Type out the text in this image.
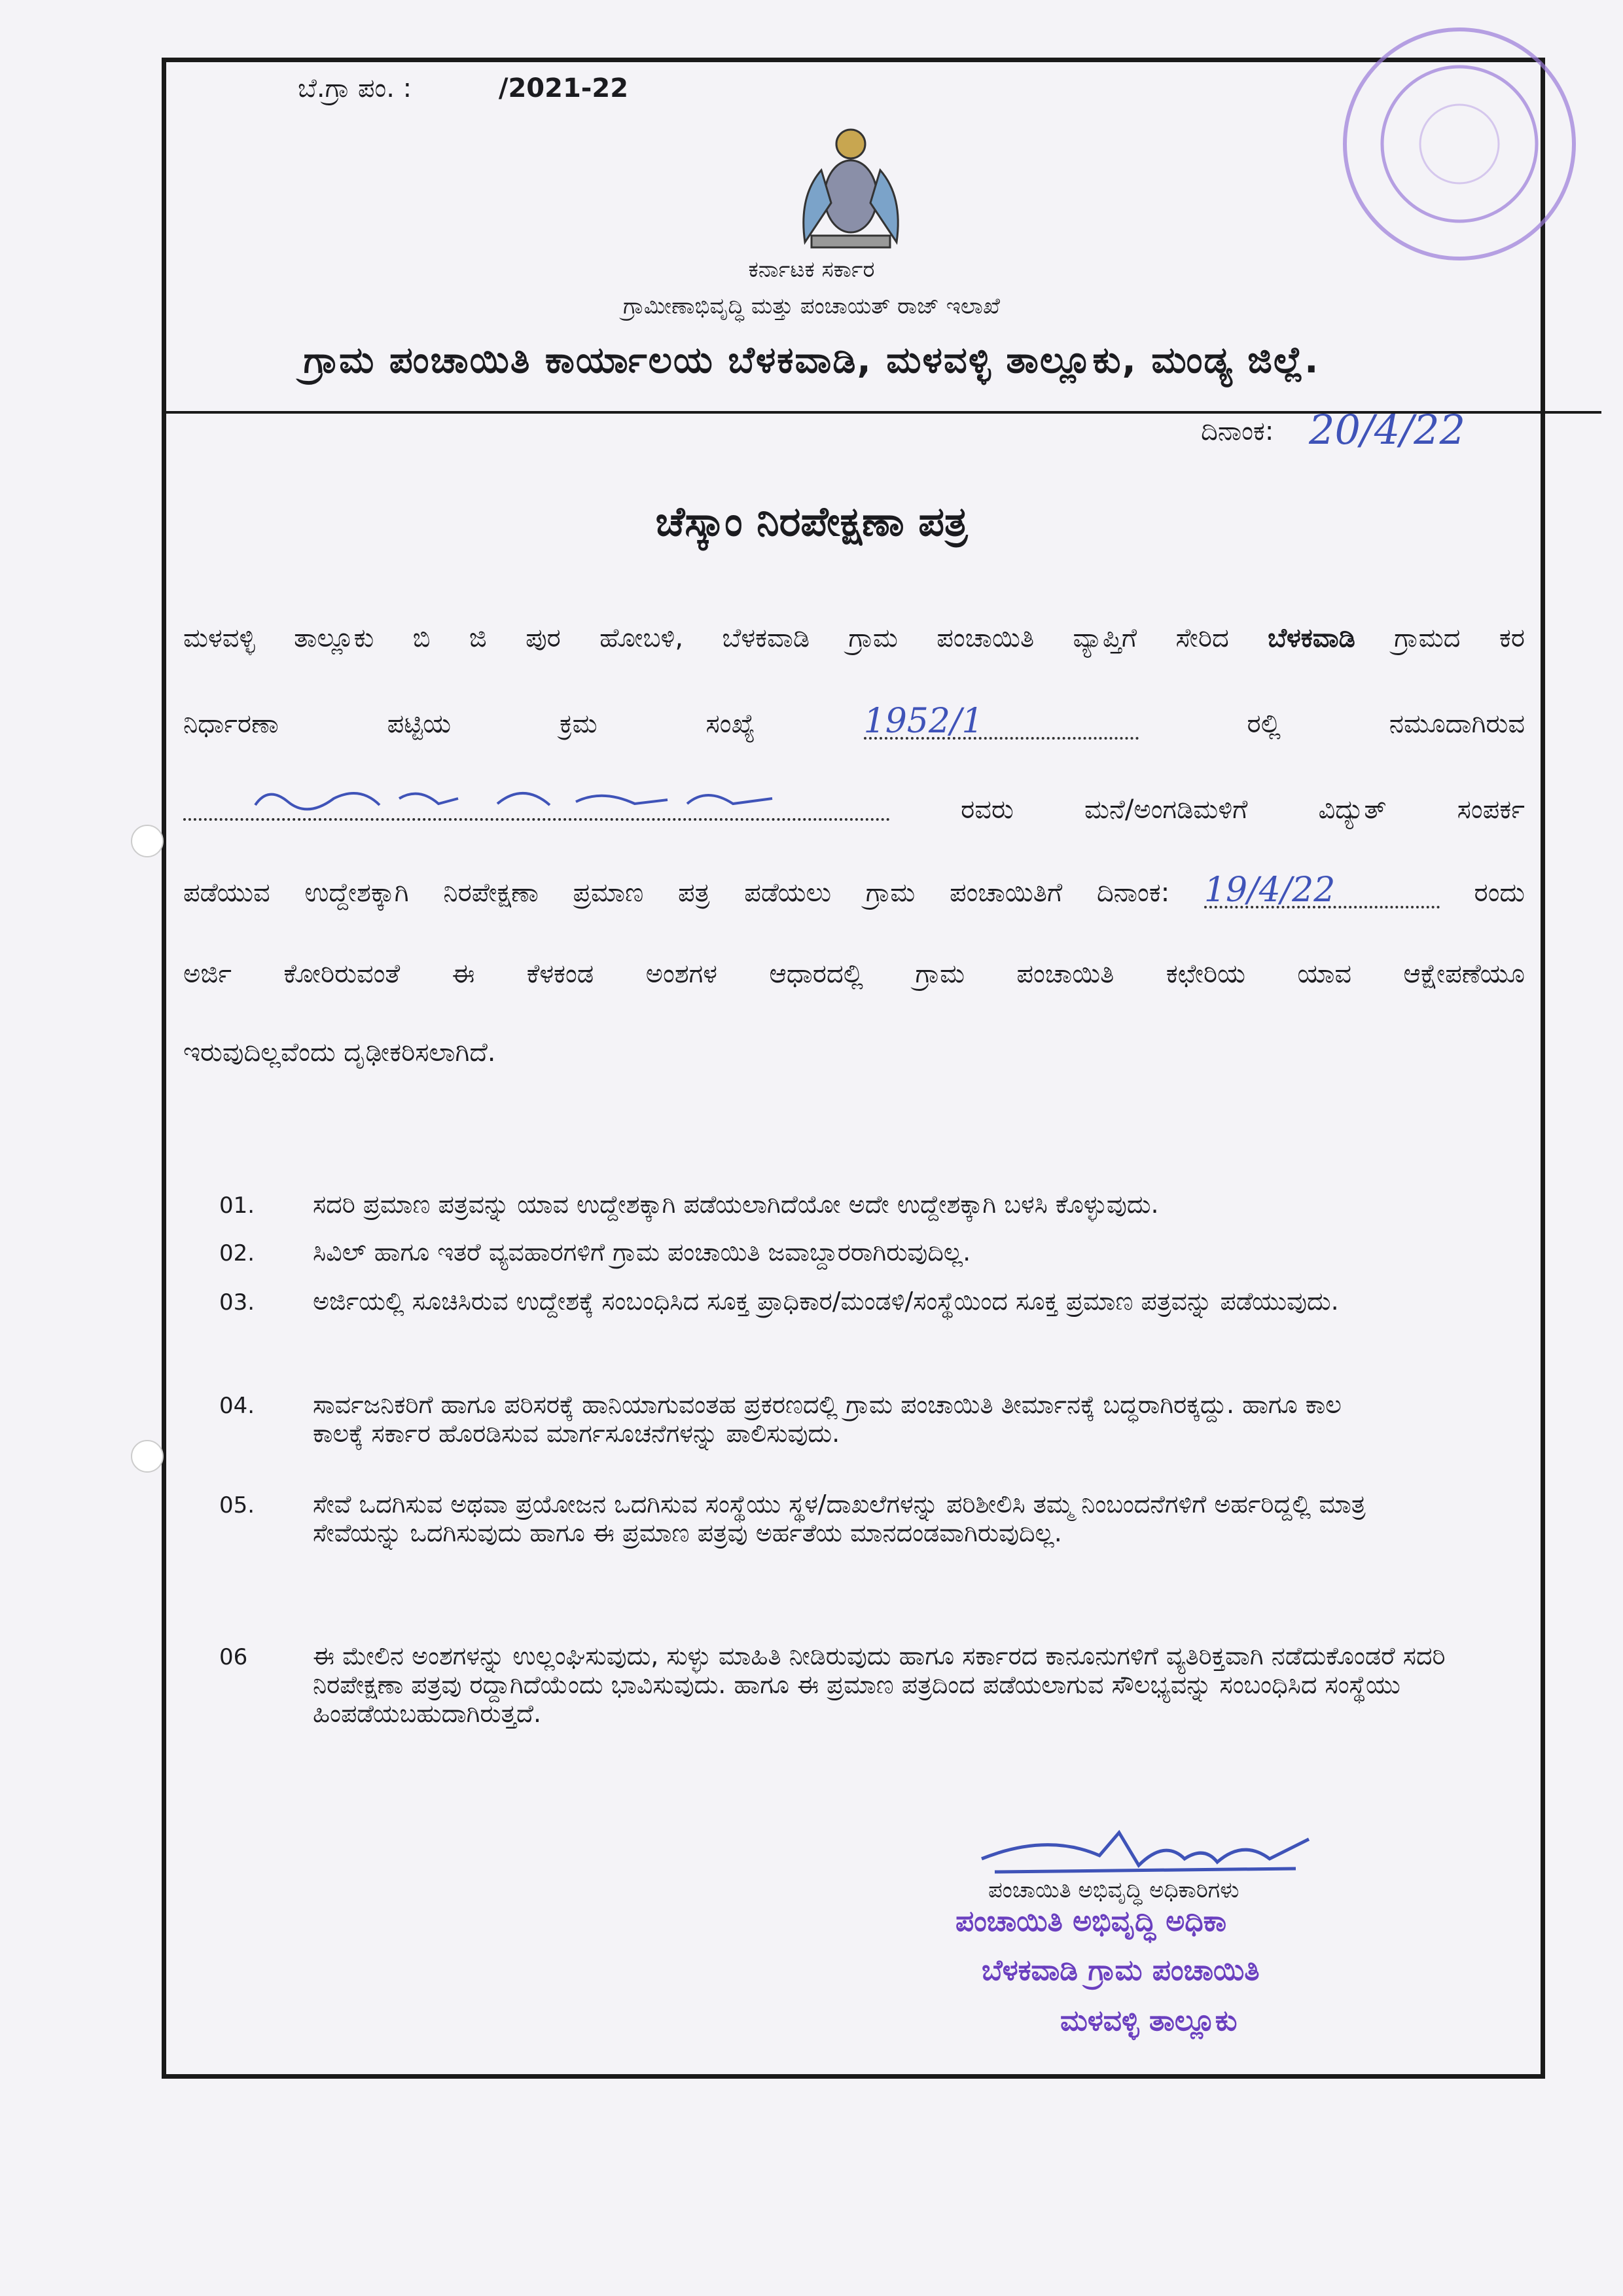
ಬೆ.ಗ್ರಾ ಪಂ. :	/2021-22
ಕರ್ನಾಟಕ ಸರ್ಕಾರ
ಗ್ರಾಮೀಣಾಭಿವೃದ್ಧಿ ಮತ್ತು ಪಂಚಾಯತ್ ರಾಜ್ ಇಲಾಖೆ
ಗ್ರಾಮ ಪಂಚಾಯಿತಿ ಕಾರ್ಯಾಲಯ ಬೆಳಕವಾಡಿ, ಮಳವಳ್ಳಿ ತಾಲ್ಲೂಕು, ಮಂಡ್ಯ ಜಿಲ್ಲೆ.
ದಿನಾಂಕ: 20/4/22
ಚೆಸ್ಕಾಂ ನಿರಪೇಕ್ಷಣಾ ಪತ್ರ
ಮಳವಳ್ಳಿ ತಾಲ್ಲೂಕು ಬಿ ಜಿ ಪುರ ಹೋಬಳಿ, ಬೆಳಕವಾಡಿ ಗ್ರಾಮ ಪಂಚಾಯಿತಿ ವ್ಯಾಪ್ತಿಗೆ ಸೇರಿದ ಬೆಳಕವಾಡಿ ಗ್ರಾಮದ ಕರ
ನಿರ್ಧಾರಣಾ ಪಟ್ಟಿಯ ಕ್ರಮ ಸಂಖ್ಯೆ	1952/1	ರಲ್ಲಿ ನಮೂದಾಗಿರುವ
ರವರು ಮನೆ/ಅಂಗಡಿಮಳಿಗೆ ವಿದ್ಯುತ್ ಸಂಪರ್ಕ
ಪಡೆಯುವ ಉದ್ದೇಶಕ್ಕಾಗಿ ನಿರಪೇಕ್ಷಣಾ ಪ್ರಮಾಣ ಪತ್ರ ಪಡೆಯಲು ಗ್ರಾಮ ಪಂಚಾಯಿತಿಗೆ ದಿನಾಂಕ: 19/4/22	ರಂದು
ಅರ್ಜಿ ಕೋರಿರುವಂತೆ ಈ ಕೆಳಕಂಡ ಅಂಶಗಳ ಆಧಾರದಲ್ಲಿ ಗ್ರಾಮ ಪಂಚಾಯಿತಿ ಕಛೇರಿಯ ಯಾವ ಆಕ್ಷೇಪಣೆಯೂ
ಇರುವುದಿಲ್ಲವೆಂದು ದೃಢೀಕರಿಸಲಾಗಿದೆ.
01. ಸದರಿ ಪ್ರಮಾಣ ಪತ್ರವನ್ನು ಯಾವ ಉದ್ದೇಶಕ್ಕಾಗಿ ಪಡೆಯಲಾಗಿದೆಯೋ ಅದೇ ಉದ್ದೇಶಕ್ಕಾಗಿ ಬಳಸಿ ಕೊಳ್ಳುವುದು.
02. ಸಿವಿಲ್ ಹಾಗೂ ಇತರೆ ವ್ಯವಹಾರಗಳಿಗೆ ಗ್ರಾಮ ಪಂಚಾಯಿತಿ ಜವಾಬ್ದಾರರಾಗಿರುವುದಿಲ್ಲ.
03. ಅರ್ಜಿಯಲ್ಲಿ ಸೂಚಿಸಿರುವ ಉದ್ದೇಶಕ್ಕೆ ಸಂಬಂಧಿಸಿದ ಸೂಕ್ತ ಪ್ರಾಧಿಕಾರ/ಮಂಡಳಿ/ಸಂಸ್ಥೆಯಿಂದ ಸೂಕ್ತ ಪ್ರಮಾಣ ಪತ್ರವನ್ನು ಪಡೆಯುವುದು.
04. ಸಾರ್ವಜನಿಕರಿಗೆ ಹಾಗೂ ಪರಿಸರಕ್ಕೆ ಹಾನಿಯಾಗುವಂತಹ ಪ್ರಕರಣದಲ್ಲಿ ಗ್ರಾಮ ಪಂಚಾಯಿತಿ ತೀರ್ಮಾನಕ್ಕೆ ಬದ್ಧರಾಗಿರಕ್ಕದ್ದು. ಹಾಗೂ ಕಾಲ ಕಾಲಕ್ಕೆ ಸರ್ಕಾರ ಹೊರಡಿಸುವ ಮಾರ್ಗಸೂಚನೆಗಳನ್ನು ಪಾಲಿಸುವುದು.
05. ಸೇವೆ ಒದಗಿಸುವ ಅಥವಾ ಪ್ರಯೋಜನ ಒದಗಿಸುವ ಸಂಸ್ಥೆಯು ಸ್ಥಳ/ದಾಖಲೆಗಳನ್ನು ಪರಿಶೀಲಿಸಿ ತಮ್ಮ ನಿಂಬಂದನೆಗಳಿಗೆ ಅರ್ಹರಿದ್ದಲ್ಲಿ ಮಾತ್ರ ಸೇವೆಯನ್ನು ಒದಗಿಸುವುದು ಹಾಗೂ ಈ ಪ್ರಮಾಣ ಪತ್ರವು ಅರ್ಹತೆಯ ಮಾನದಂಡವಾಗಿರುವುದಿಲ್ಲ.
06	ಈ ಮೇಲಿನ ಅಂಶಗಳನ್ನು ಉಲ್ಲಂಘಿಸುವುದು, ಸುಳ್ಳು ಮಾಹಿತಿ ನೀಡಿರುವುದು ಹಾಗೂ ಸರ್ಕಾರದ ಕಾನೂನುಗಳಿಗೆ ವ್ಯತಿರಿಕ್ತವಾಗಿ ನಡೆದುಕೊಂಡರೆ ಸದರಿ ನಿರಪೇಕ್ಷಣಾ ಪತ್ರವು ರದ್ದಾಗಿದೆಯೆಂದು ಭಾವಿಸುವುದು. ಹಾಗೂ ಈ ಪ್ರಮಾಣ ಪತ್ರದಿಂದ ಪಡೆಯಲಾಗುವ ಸೌಲಭ್ಯವನ್ನು ಸಂಬಂಧಿಸಿದ ಸಂಸ್ಥೆಯು ಹಿಂಪಡೆಯಬಹುದಾಗಿರುತ್ತದೆ.
ಪಂಚಾಯಿತಿ ಅಭಿವೃದ್ಧಿ ಅಧಿಕಾರಿಗಳು
ಪಂಚಾಯಿತಿ ಅಭಿವೃದ್ಧಿ ಅಧಿಕಾ
ಬೆಳಕವಾಡಿ ಗ್ರಾಮ ಪಂಚಾಯಿತಿ
ಮಳವಳ್ಳಿ ತಾಲ್ಲೂಕು
